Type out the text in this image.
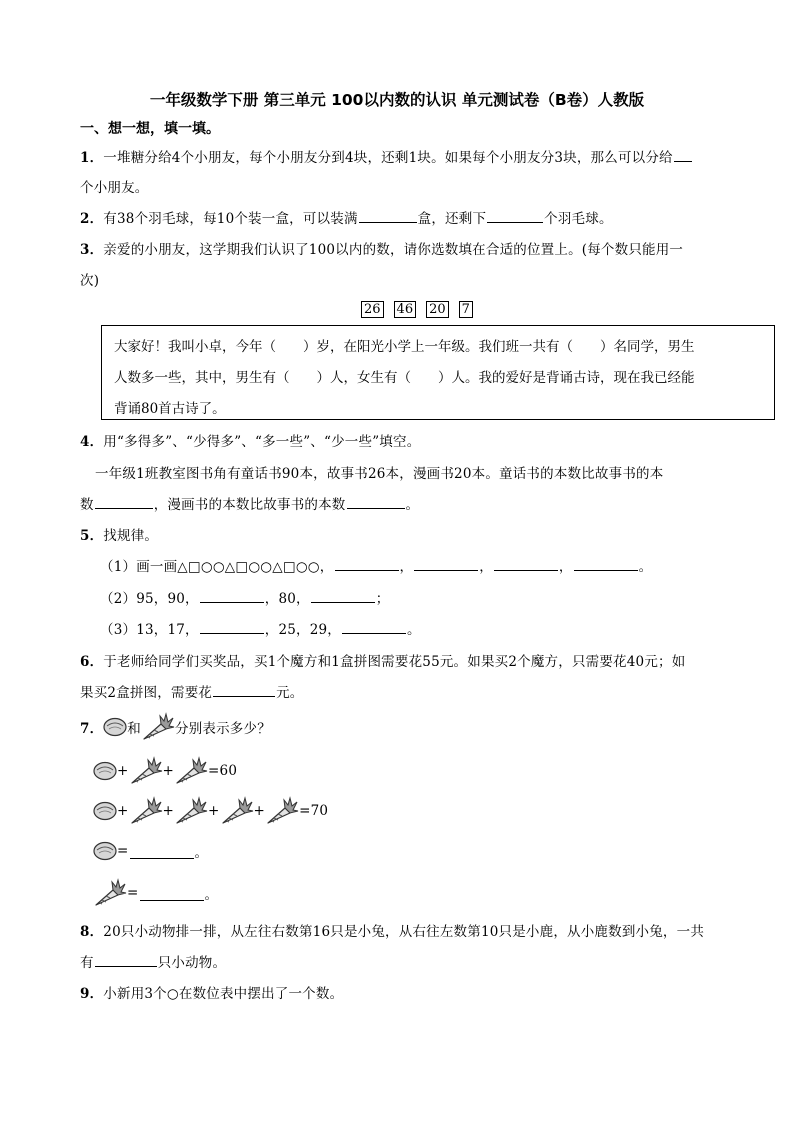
一年级数学下册 第三单元 100以内数的认识 单元测试卷（B卷）人教版
一、想一想，填一填。
1．一堆糖分给4个小朋友，每个小朋友分到4块，还剩1块。如果每个小朋友分3块，那么可以分给
个小朋友。
2．有38个羽毛球，每10个装一盒，可以装满	盒，还剩下	个羽毛球。
3．亲爱的小朋友，这学期我们认识了100以内的数，请你选数填在合适的位置上。(每个数只能用一
次)
26 46 20 7
大家好！我叫小卓，今年（　　）岁，在阳光小学上一年级。我们班一共有（　　）名同学，男生
人数多一些，其中，男生有（　　）人，女生有（　　）人。我的爱好是背诵古诗，现在我已经能
背诵80首古诗了。
4．用“多得多”、“少得多”、“多一些”、“少一些”填空。
一年级1班教室图书角有童话书90本，故事书26本，漫画书20本。童话书的本数比故事书的本
数	，漫画书的本数比故事书的本数	。
5．找规律。
（1）画一画△□○○△□○○△□○○，	，	，	，	。
（2）95，90，	，80，	；
（3）13，17，	，25，29，	。
6．于老师给同学们买奖品，买1个魔方和1盒拼图需要花55元。如果买2个魔方，只需要花40元；如
果买2盒拼图，需要花	元。
7． 和	分别表示多少？
+	+	=60
+	+	+	+	=70
=	。
=	。
8．20只小动物排一排，从左往右数第16只是小兔，从右往左数第10只是小鹿，从小鹿数到小兔，一共
有	只小动物。
9．小新用3个○在数位表中摆出了一个数。
